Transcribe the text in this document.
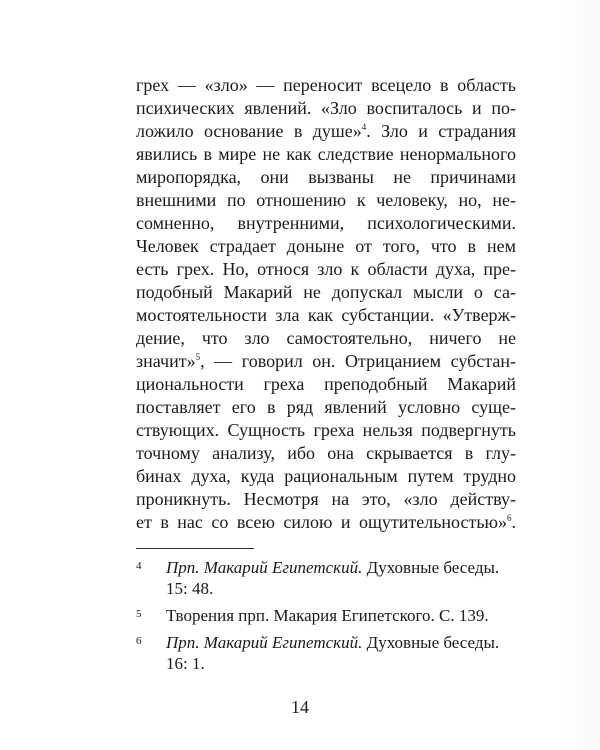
грех — «зло» — переносит всецело в область
психических явлений. «Зло воспиталось и по-
ложило основание в душе»$^4$. Зло и страдания
явились в мире не как следствие ненормального
миропорядка, они вызваны не причинами
внешними по отношению к человеку, но, не-
сомненно, внутренними, психологическими.
Человек страдает доныне от того, что в нем
есть грех. Но, относя зло к области духа, пре-
подобный Макарий не допускал мысли о са-
мостоятельности зла как субстанции. «Утверж-
дение, что зло самостоятельно, ничего не
значит»$^5$, — говорил он. Отрицанием субстан-
циональности греха преподобный Макарий
поставляет его в ряд явлений условно суще-
ствующих. Сущность греха нельзя подвергнуть
точному анализу, ибо она скрывается в глу-
бинах духа, куда рациональным путем трудно
проникнуть. Несмотря на это, «зло действу-
ет в нас со всею силою и ощутительностью»$^6$.
4 Прп. Макарий Египетский. Духовные беседы.
15: 48.
5 Творения прп. Макария Египетского. С. 139.
6 Прп. Макарий Египетский. Духовные беседы.
16: 1.
14
